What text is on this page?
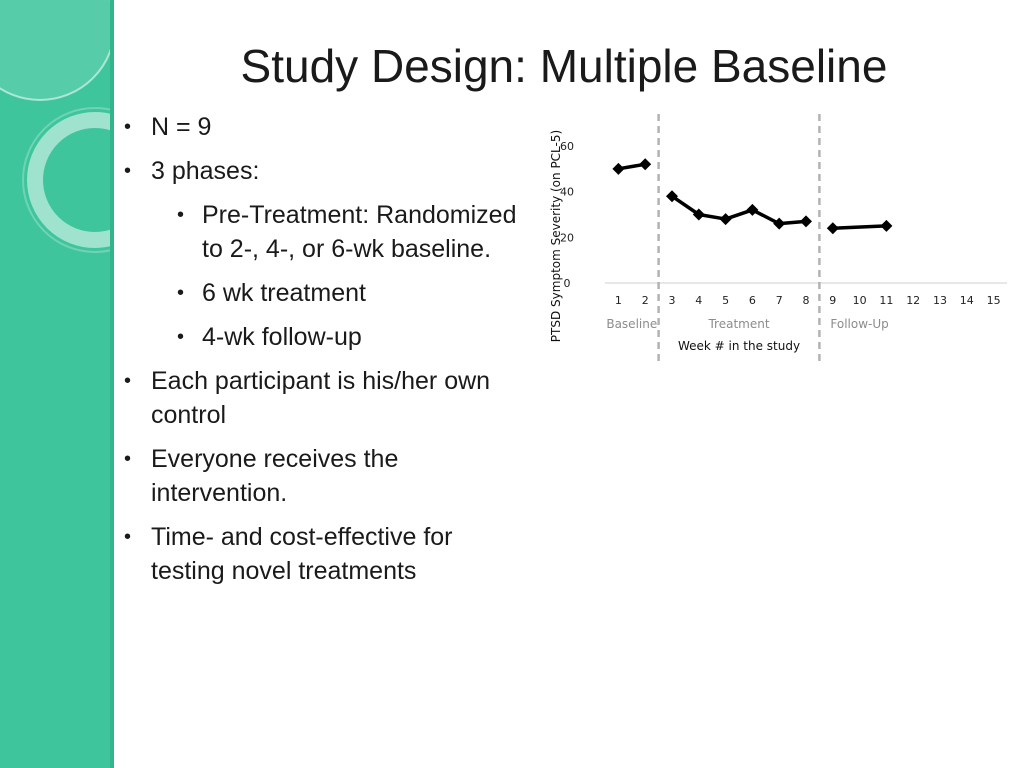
Study Design: Multiple Baseline
• N = 9
• 3 phases:
• Pre-Treatment: Randomized to 2-, 4-, or 6-wk baseline.
• 6 wk treatment
• 4-wk follow-up
• Each participant is his/her own control
• Everyone receives the intervention.
• Time- and cost-effective for testing novel treatments
0
20
40
60
1 2 3 4 5 6 7 8 9 10 11 12 13 14 15
Baseline	Treatment	Follow-Up
Week # in the study
PTSD Symptom Severity (on PCL-5)
